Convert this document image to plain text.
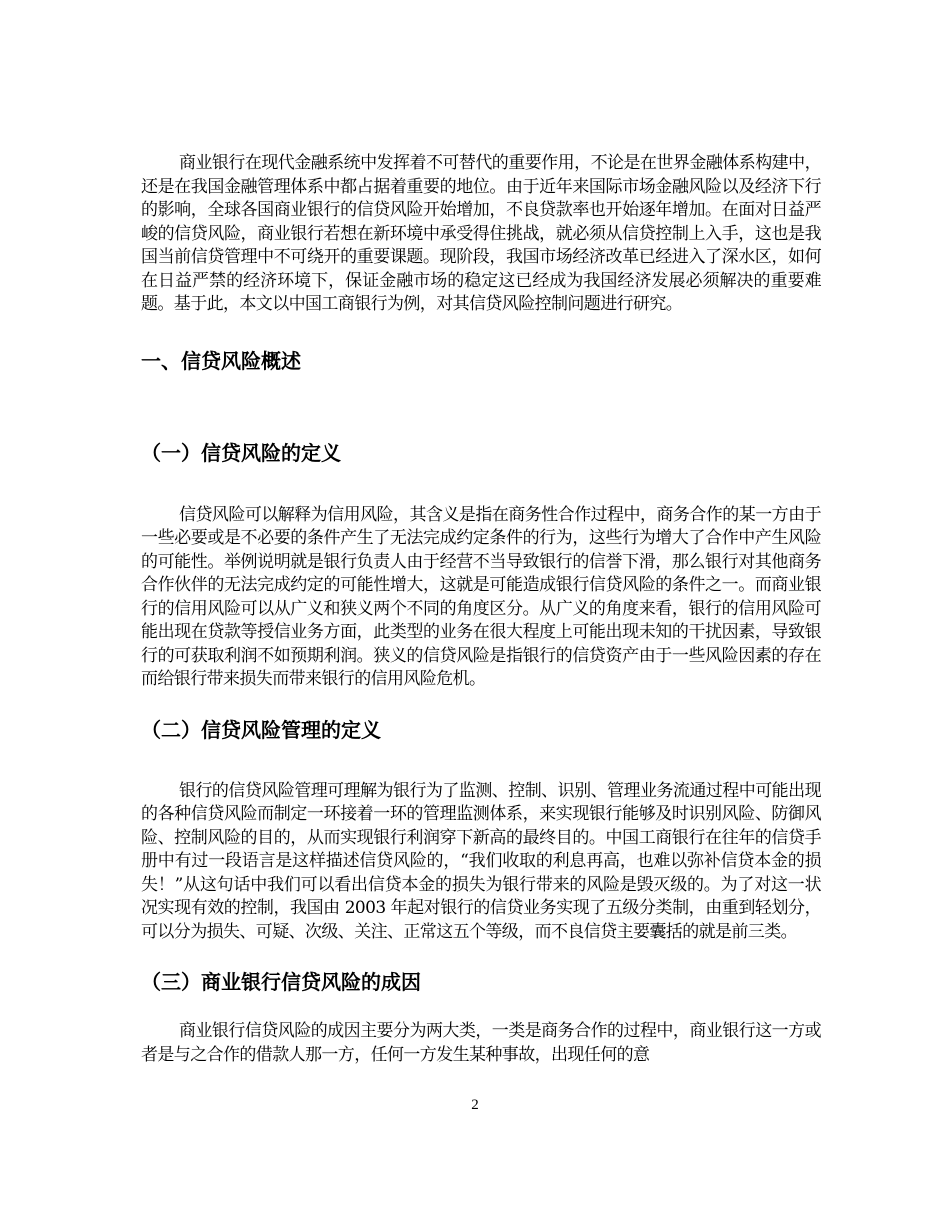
商业银行在现代金融系统中发挥着不可替代的重要作用，不论是在世界金融体系构建中，还是在我国金融管理体系中都占据着重要的地位。由于近年来国际市场金融风险以及经济下行的影响，全球各国商业银行的信贷风险开始增加，不良贷款率也开始逐年增加。在面对日益严峻的信贷风险，商业银行若想在新环境中承受得住挑战，就必须从信贷控制上入手，这也是我国当前信贷管理中不可绕开的重要课题。现阶段，我国市场经济改革已经进入了深水区，如何在日益严禁的经济环境下，保证金融市场的稳定这已经成为我国经济发展必须解决的重要难题。基于此，本文以中国工商银行为例，对其信贷风险控制问题进行研究。

一、信贷风险概述
（一）信贷风险的定义

信贷风险可以解释为信用风险，其含义是指在商务性合作过程中，商务合作的某一方由于一些必要或是不必要的条件产生了无法完成约定条件的行为，这些行为增大了合作中产生风险的可能性。举例说明就是银行负责人由于经营不当导致银行的信誉下滑，那么银行对其他商务合作伙伴的无法完成约定的可能性增大，这就是可能造成银行信贷风险的条件之一。而商业银行的信用风险可以从广义和狭义两个不同的角度区分。从广义的角度来看，银行的信用风险可能出现在贷款等授信业务方面，此类型的业务在很大程度上可能出现未知的干扰因素，导致银行的可获取利润不如预期利润。狭义的信贷风险是指银行的信贷资产由于一些风险因素的存在而给银行带来损失而带来银行的信用风险危机。

（二）信贷风险管理的定义

银行的信贷风险管理可理解为银行为了监测、控制、识别、管理业务流通过程中可能出现的各种信贷风险而制定一环接着一环的管理监测体系，来实现银行能够及时识别风险、防御风险、控制风险的目的，从而实现银行利润穿下新高的最终目的。中国工商银行在往年的信贷手册中有过一段语言是这样描述信贷风险的，“我们收取的利息再高，也难以弥补信贷本金的损失！”从这句话中我们可以看出信贷本金的损失为银行带来的风险是毁灭级的。为了对这一状况实现有效的控制，我国由 2003 年起对银行的信贷业务实现了五级分类制，由重到轻划分，可以分为损失、可疑、次级、关注、正常这五个等级，而不良信贷主要囊括的就是前三类。

（三）商业银行信贷风险的成因

商业银行信贷风险的成因主要分为两大类，一类是商务合作的过程中，商业银行这一方或者是与之合作的借款人那一方，任何一方发生某种事故，出现任何的意

2
